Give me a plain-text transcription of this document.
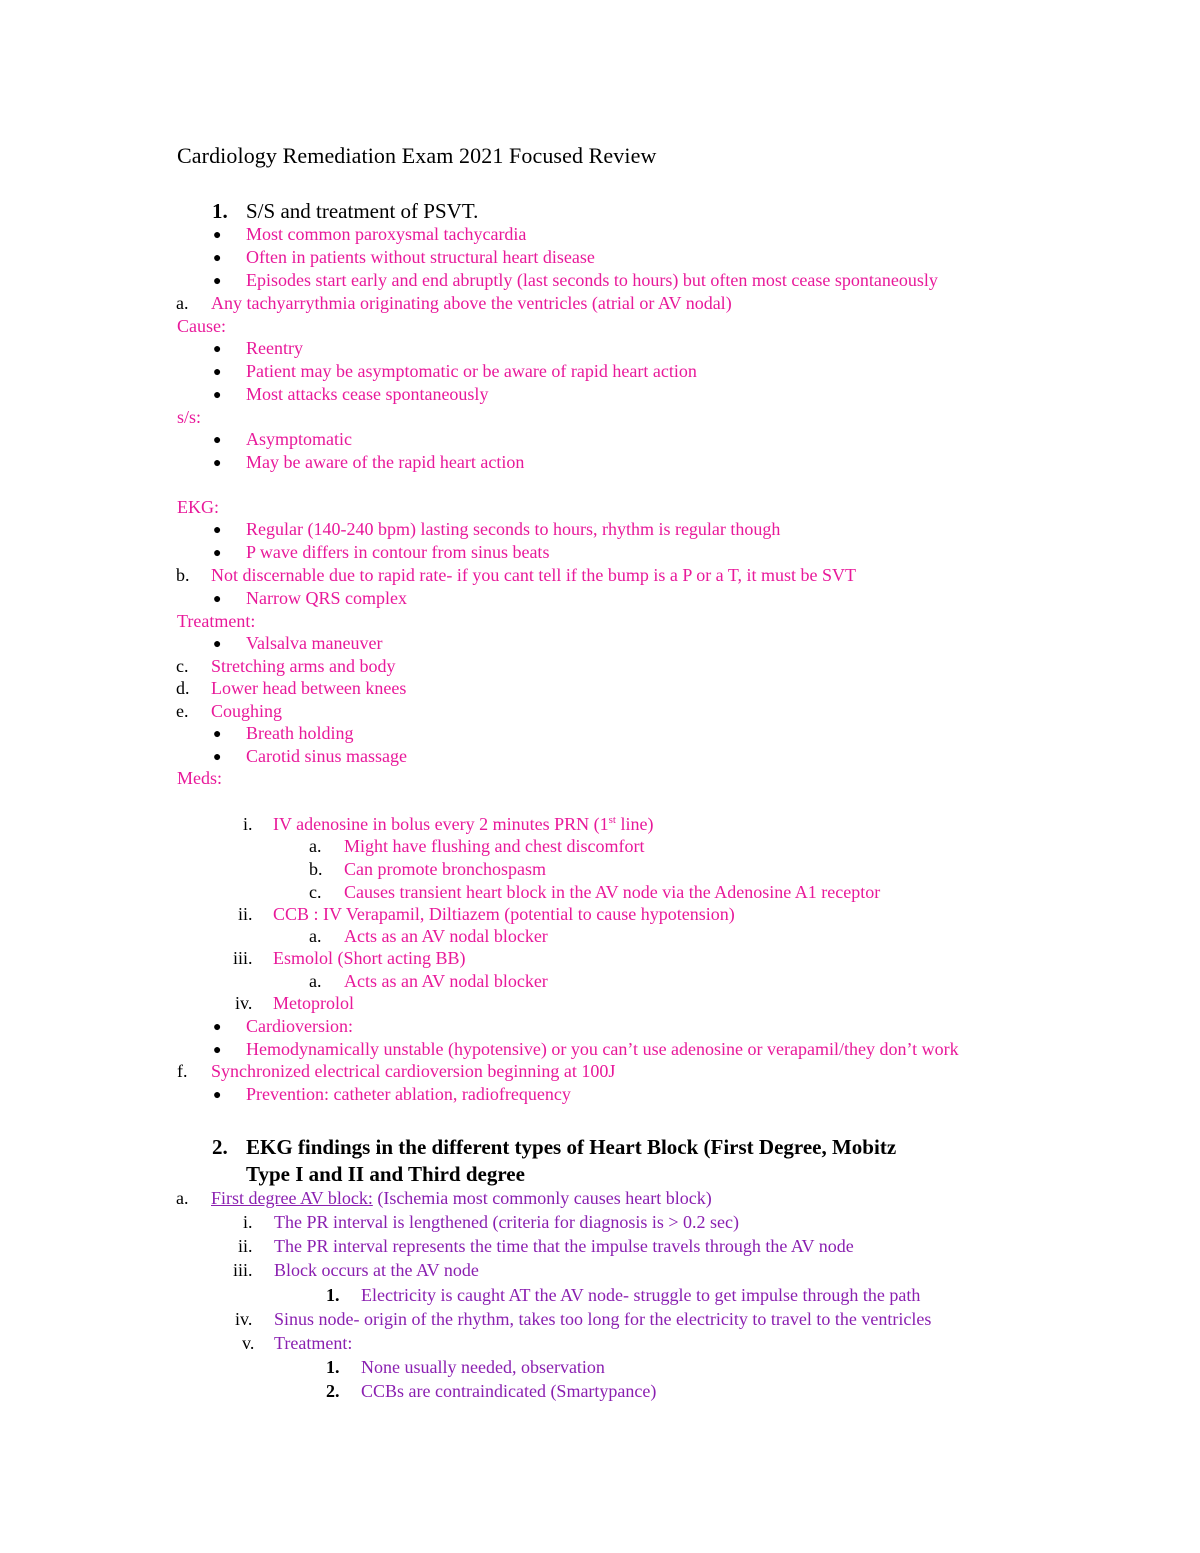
Cardiology Remediation Exam 2021 Focused Review
1. S/S and treatment of PSVT.
● Most common paroxysmal tachycardia
● Often in patients without structural heart disease
● Episodes start early and end abruptly (last seconds to hours) but often most cease spontaneously
a. Any tachyarrythmia originating above the ventricles (atrial or AV nodal)
Cause:
● Reentry
● Patient may be asymptomatic or be aware of rapid heart action
● Most attacks cease spontaneously
s/s:
● Asymptomatic
● May be aware of the rapid heart action
EKG:
● Regular (140-240 bpm) lasting seconds to hours, rhythm is regular though
● P wave differs in contour from sinus beats
b. Not discernable due to rapid rate- if you cant tell if the bump is a P or a T, it must be SVT
● Narrow QRS complex
Treatment:
● Valsalva maneuver
c. Stretching arms and body
d. Lower head between knees
e. Coughing
● Breath holding
● Carotid sinus massage
Meds:
i. IV adenosine in bolus every 2 minutes PRN (1st line)
a. Might have flushing and chest discomfort
b. Can promote bronchospasm
c. Causes transient heart block in the AV node via the Adenosine A1 receptor
ii. CCB : IV Verapamil, Diltiazem (potential to cause hypotension)
a. Acts as an AV nodal blocker
iii. Esmolol (Short acting BB)
a. Acts as an AV nodal blocker
iv. Metoprolol
● Cardioversion:
● Hemodynamically unstable (hypotensive) or you can’t use adenosine or verapamil/they don’t work
f. Synchronized electrical cardioversion beginning at 100J
● Prevention: catheter ablation, radiofrequency
2. EKG findings in the different types of Heart Block (First Degree, Mobitz
Type I and II and Third degree
a. First degree AV block: (Ischemia most commonly causes heart block)
i. The PR interval is lengthened (criteria for diagnosis is > 0.2 sec)
ii. The PR interval represents the time that the impulse travels through the AV node
iii. Block occurs at the AV node
1. Electricity is caught AT the AV node- struggle to get impulse through the path
iv. Sinus node- origin of the rhythm, takes too long for the electricity to travel to the ventricles
v. Treatment:
1. None usually needed, observation
2. CCBs are contraindicated (Smartypance)
